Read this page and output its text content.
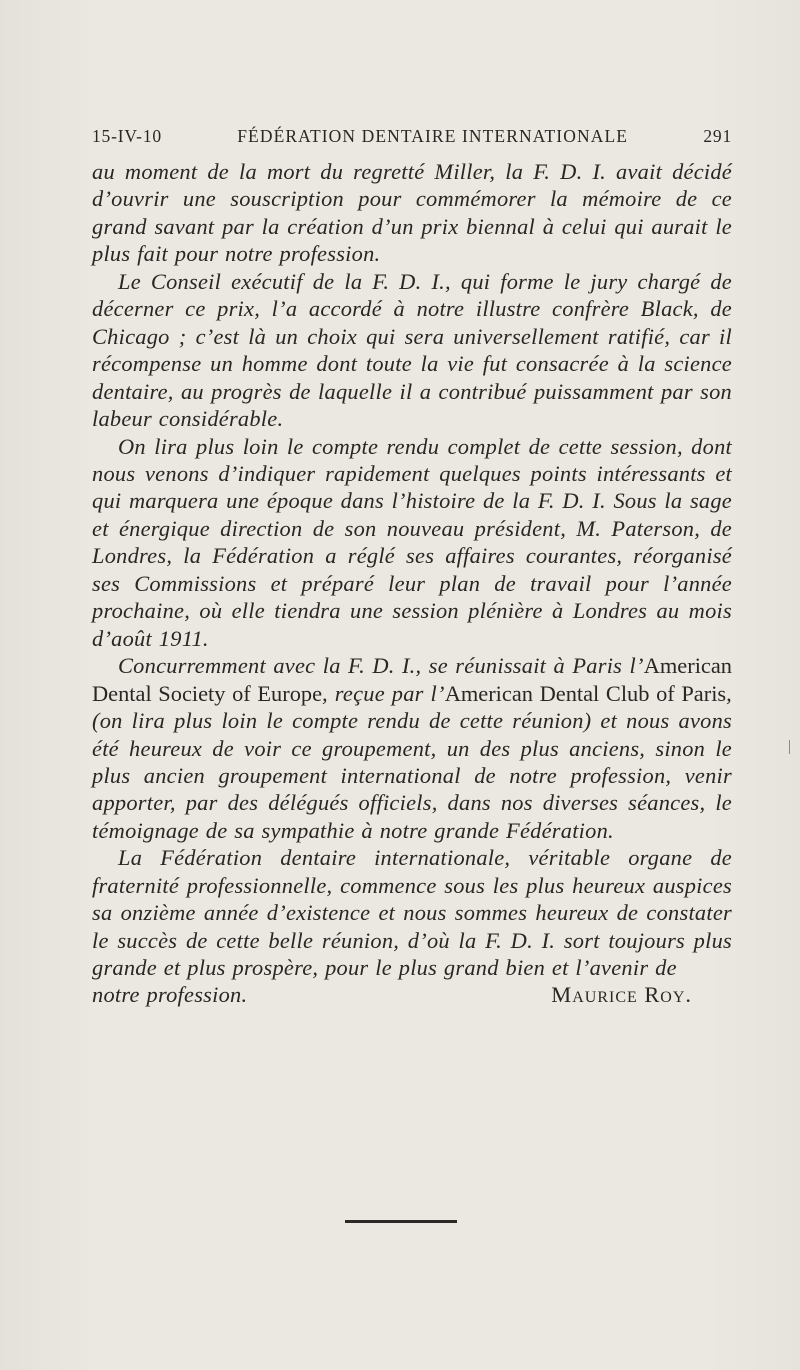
15-IV-10	FÉDÉRATION DENTAIRE INTERNATIONALE	291

au moment de la mort du regretté Miller, la F. D. I. avait décidé d’ouvrir une souscription pour commémorer la mémoire de ce grand savant par la création d’un prix biennal à celui qui aurait le plus fait pour notre profession.

Le Conseil exécutif de la F. D. I., qui forme le jury chargé de décerner ce prix, l’a accordé à notre illustre confrère Black, de Chicago ; c’est là un choix qui sera universellement ratifié, car il récompense un homme dont toute la vie fut consacrée à la science dentaire, au progrès de laquelle il a contribué puissamment par son labeur considérable.

On lira plus loin le compte rendu complet de cette session, dont nous venons d’indiquer rapidement quelques points intéressants et qui marquera une époque dans l’histoire de la F. D. I. Sous la sage et énergique direction de son nouveau président, M. Paterson, de Londres, la Fédération a réglé ses affaires courantes, réorganisé ses Commissions et préparé leur plan de travail pour l’année prochaine, où elle tiendra une session plénière à Londres au mois d’août 1911.

Concurremment avec la F. D. I., se réunissait à Paris l’American Dental Society of Europe, reçue par l’American Dental Club of Paris, (on lira plus loin le compte rendu de cette réunion) et nous avons été heureux de voir ce groupement, un des plus anciens, sinon le plus ancien groupement international de notre profession, venir apporter, par des délégués officiels, dans nos diverses séances, le témoignage de sa sympathie à notre grande Fédération.

La Fédération dentaire internationale, véritable organe de fraternité professionnelle, commence sous les plus heureux auspices sa onzième année d’existence et nous sommes heureux de constater le succès de cette belle réunion, d’où la F. D. I. sort toujours plus grande et plus prospère, pour le plus grand bien et l’avenir de

notre profession.	Maurice Roy.
